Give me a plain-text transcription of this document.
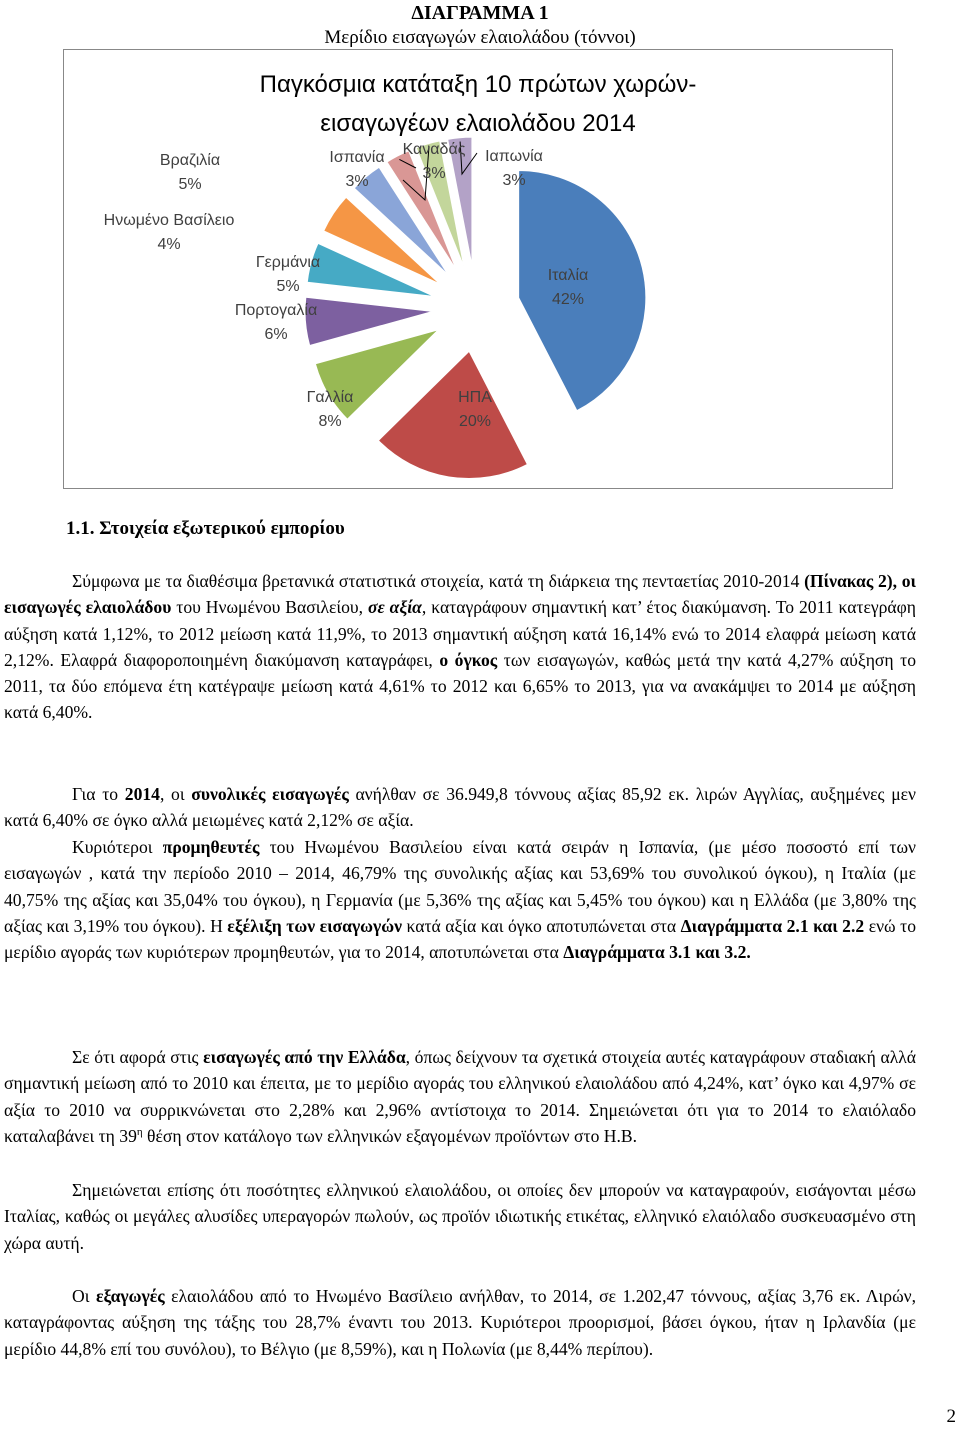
ΔΙΑΓΡΑΜΜΑ 1
Μερίδιο εισαγωγών ελαιολάδου (τόννοι)
Παγκόσμια κατάταξη 10 πρώτων χωρών-
εισαγωγέων ελαιολάδου 2014
Ιταλία
42%
ΗΠΑ
20%
Γαλλία
8%
Πορτογαλία
6%
Γερμάνια
5%
Βραζιλία
5%
Ηνωμένο Βασίλειο
4%
Ισπανία
3%
Καναδάς
3%
Ιαπωνία
3%
1.1. Στοιχεία εξωτερικού εμπορίου

Σύμφωνα με τα διαθέσιμα βρετανικά στατιστικά στοιχεία, κατά τη διάρκεια της πενταετίας 2010-2014 (Πίνακας 2), οι εισαγωγές ελαιολάδου του Ηνωμένου Βασιλείου, σε αξία, καταγράφουν σημαντική κατ’ έτος διακύμανση. Το 2011 κατεγράφη αύξηση κατά 1,12%, το 2012 μείωση κατά 11,9%, το 2013 σημαντική αύξηση κατά 16,14% ενώ το 2014 ελαφρά μείωση κατά 2,12%. Ελαφρά διαφοροποιημένη διακύμανση καταγράφει, ο όγκος των εισαγωγών, καθώς μετά την κατά 4,27% αύξηση το 2011, τα δύο επόμενα έτη κατέγραψε μείωση κατά 4,61% το 2012 και 6,65% το 2013, για να ανακάμψει το 2014 με αύξηση κατά 6,40%.

Για το 2014, οι συνολικές εισαγωγές ανήλθαν σε 36.949,8 τόννους αξίας 85,92 εκ. λιρών Αγγλίας, αυξημένες μεν κατά 6,40% σε όγκο αλλά μειωμένες κατά 2,12% σε αξία.

Κυριότεροι προμηθευτές του Ηνωμένου Βασιλείου είναι κατά σειράν η Ισπανία, (με μέσο ποσοστό επί των εισαγωγών , κατά την περίοδο 2010 – 2014, 46,79% της συνολικής αξίας και 53,69% του συνολικού όγκου), η Ιταλία (με 40,75% της αξίας και 35,04% του όγκου), η Γερμανία (με 5,36% της αξίας και 5,45% του όγκου) και η Ελλάδα (με 3,80% της αξίας και 3,19% του όγκου). Η εξέλιξη των εισαγωγών κατά αξία και όγκο αποτυπώνεται στα Διαγράμματα 2.1 και 2.2 ενώ το μερίδιο αγοράς των κυριότερων προμηθευτών, για το 2014, αποτυπώνεται στα Διαγράμματα 3.1 και 3.2.

Σε ότι αφορά στις εισαγωγές από την Ελλάδα, όπως δείχνουν τα σχετικά στοιχεία αυτές καταγράφουν σταδιακή αλλά σημαντική μείωση από το 2010 και έπειτα, με το μερίδιο αγοράς του ελληνικού ελαιολάδου από 4,24%, κατ’ όγκο και 4,97% σε αξία το 2010 να συρρικνώνεται στο 2,28% και 2,96% αντίστοιχα το 2014. Σημειώνεται ότι για το 2014 το ελαιόλαδο καταλαβάνει τη $39^\eta$ θέση στον κατάλογο των ελληνικών εξαγομένων προϊόντων στο Η.Β.

Σημειώνεται επίσης ότι ποσότητες ελληνικού ελαιολάδου, οι οποίες δεν μπορούν να καταγραφούν, εισάγονται μέσω Ιταλίας, καθώς οι μεγάλες αλυσίδες υπεραγορών πωλούν, ως προϊόν ιδιωτικής ετικέτας, ελληνικό ελαιόλαδο συσκευασμένο στη χώρα αυτή.

Οι εξαγωγές ελαιολάδου από το Ηνωμένο Βασίλειο ανήλθαν, το 2014, σε 1.202,47 τόννους, αξίας 3,76 εκ. Λιρών, καταγράφοντας αύξηση της τάξης του 28,7% έναντι του 2013. Κυριότεροι προορισμοί, βάσει όγκου, ήταν η Ιρλανδία (με μερίδιο 44,8% επί του συνόλου), το Βέλγιο (με 8,59%), και η Πολωνία (με 8,44% περίπου).

2
